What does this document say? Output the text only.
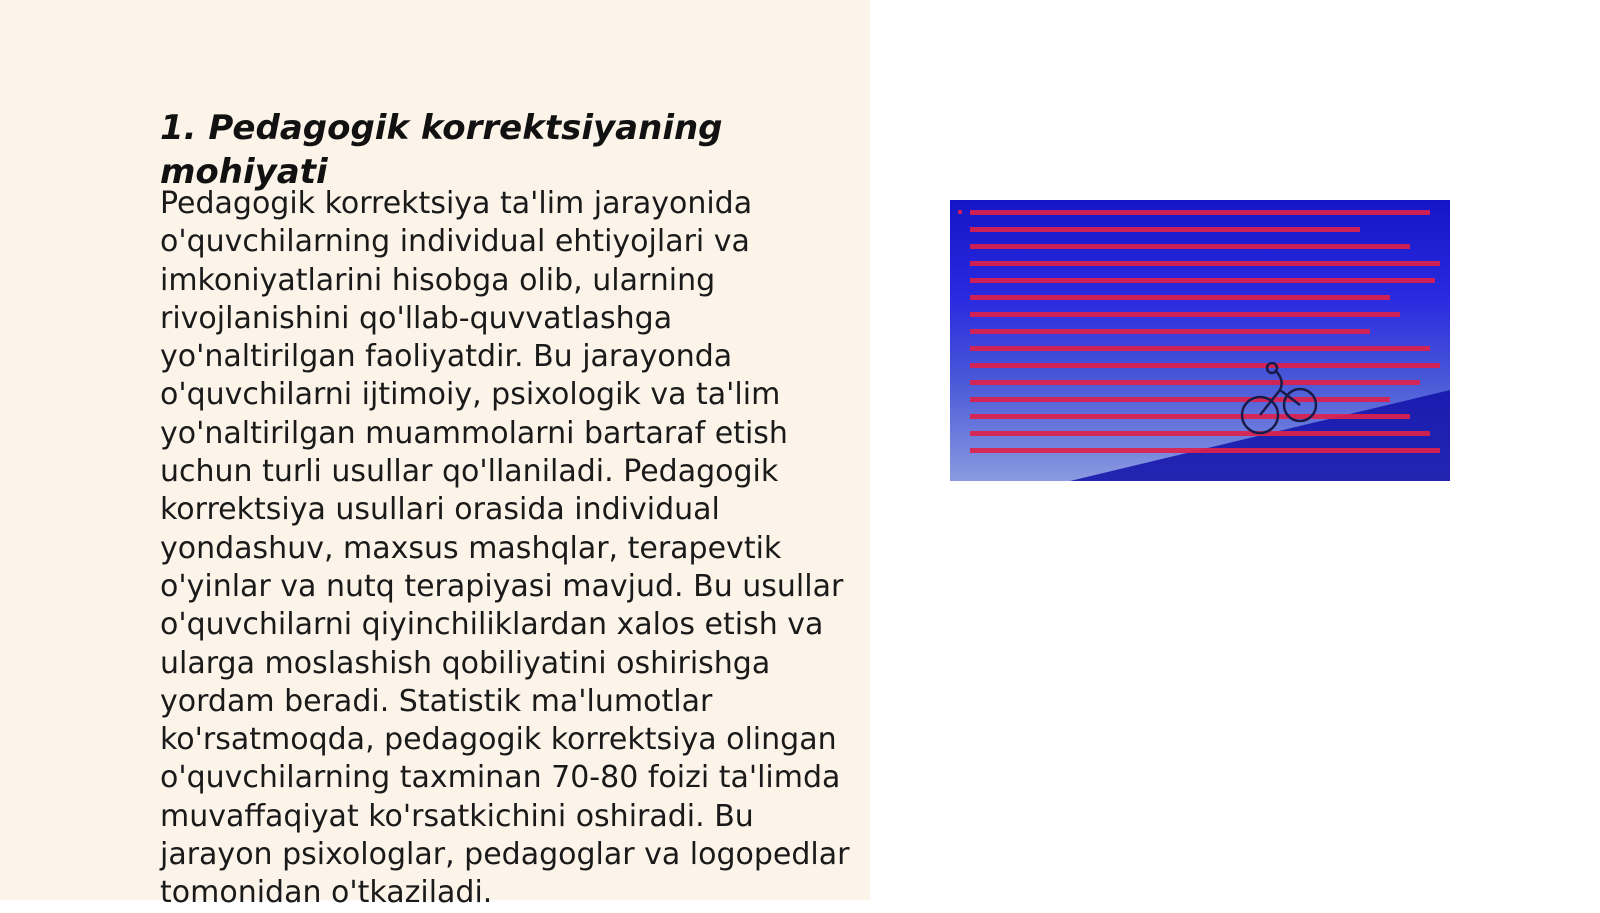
1. Pedagogik korrektsiyaning mohiyati

Pedagogik korrektsiya ta'lim jarayonida o'quvchilarning individual ehtiyojlari va imkoniyatlarini hisobga olib, ularning rivojlanishini qo'llab-quvvatlashga yo'naltirilgan faoliyatdir. Bu jarayonda o'quvchilarni ijtimoiy, psixologik va ta'lim yo'naltirilgan muammolarni bartaraf etish uchun turli usullar qo'llaniladi. Pedagogik korrektsiya usullari orasida individual yondashuv, maxsus mashqlar, terapevtik o'yinlar va nutq terapiyasi mavjud. Bu usullar o'quvchilarni qiyinchiliklardan xalos etish va ularga moslashish qobiliyatini oshirishga yordam beradi. Statistik ma'lumotlar ko'rsatmoqda, pedagogik korrektsiya olingan o'quvchilarning taxminan 70-80 foizi ta'limda muvaffaqiyat ko'rsatkichini oshiradi. Bu jarayon psixologlar, pedagoglar va logopedlar tomonidan o'tkaziladi.
